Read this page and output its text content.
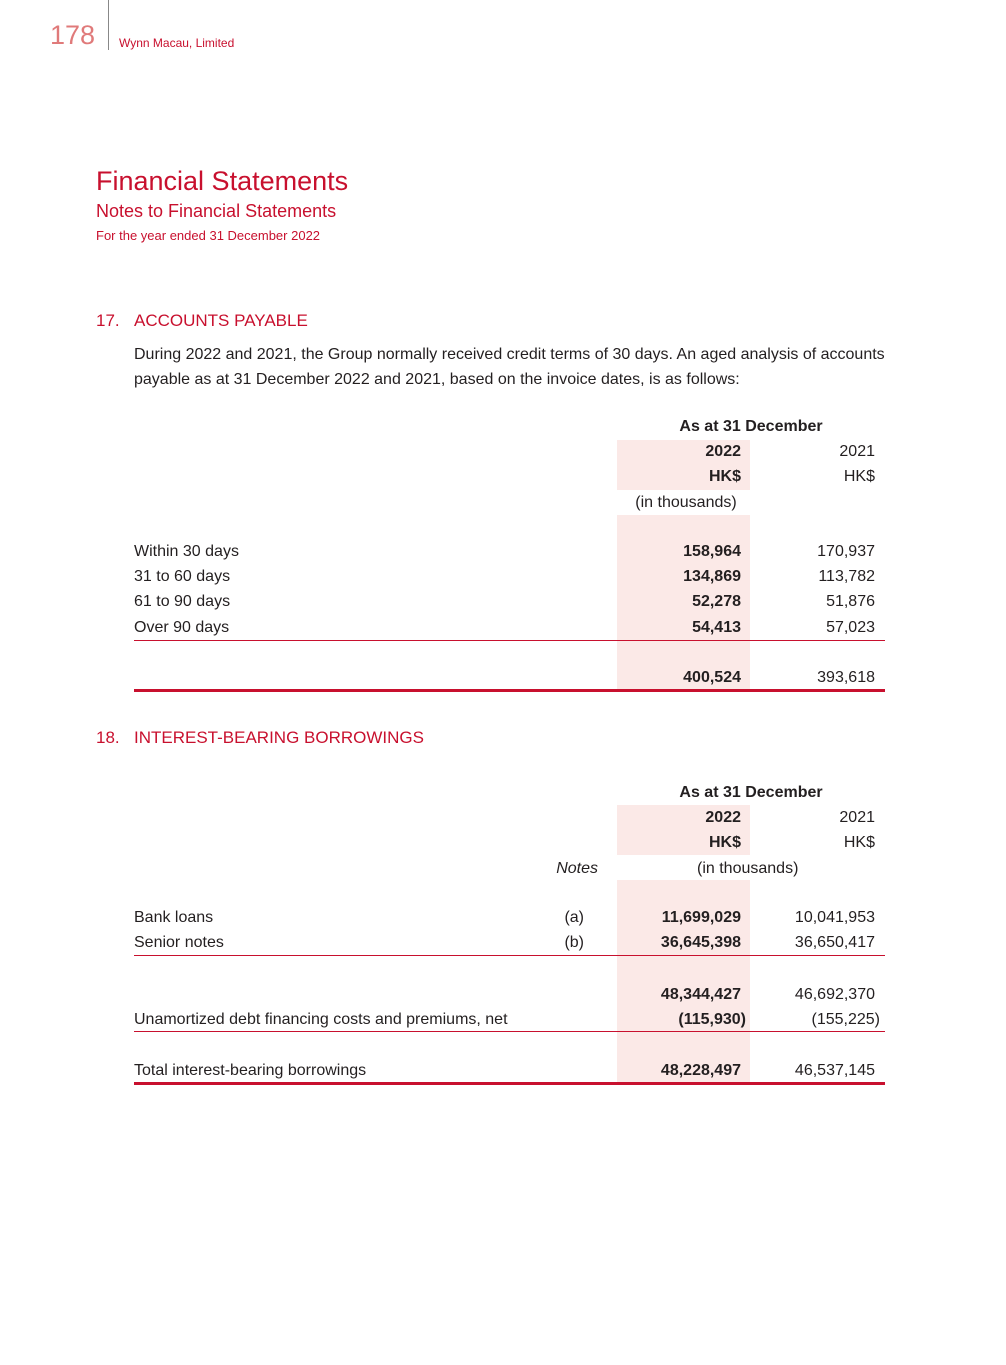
178 Wynn Macau, Limited
Financial Statements
Notes to Financial Statements
For the year ended 31 December 2022
17. ACCOUNTS PAYABLE
During 2022 and 2021, the Group normally received credit terms of 30 days. An aged analysis of accounts payable as at 31 December 2022 and 2021, based on the invoice dates, is as follows:
As at 31 December
2022	2021
HK$	HK$
(in thousands)
Within 30 days	158,964	170,937
31 to 60 days	134,869	113,782
61 to 90 days	52,278	51,876
Over 90 days	54,413	57,023
400,524	393,618
18. INTEREST-BEARING BORROWINGS
As at 31 December
2022	2021
HK$	HK$
Notes	(in thousands)
Bank loans	(a)	11,699,029	10,041,953
Senior notes	(b)	36,645,398	36,650,417
48,344,427	46,692,370
Unamortized debt financing costs and premiums, net	(115,930)	(155,225)
Total interest-bearing borrowings	48,228,497	46,537,145
